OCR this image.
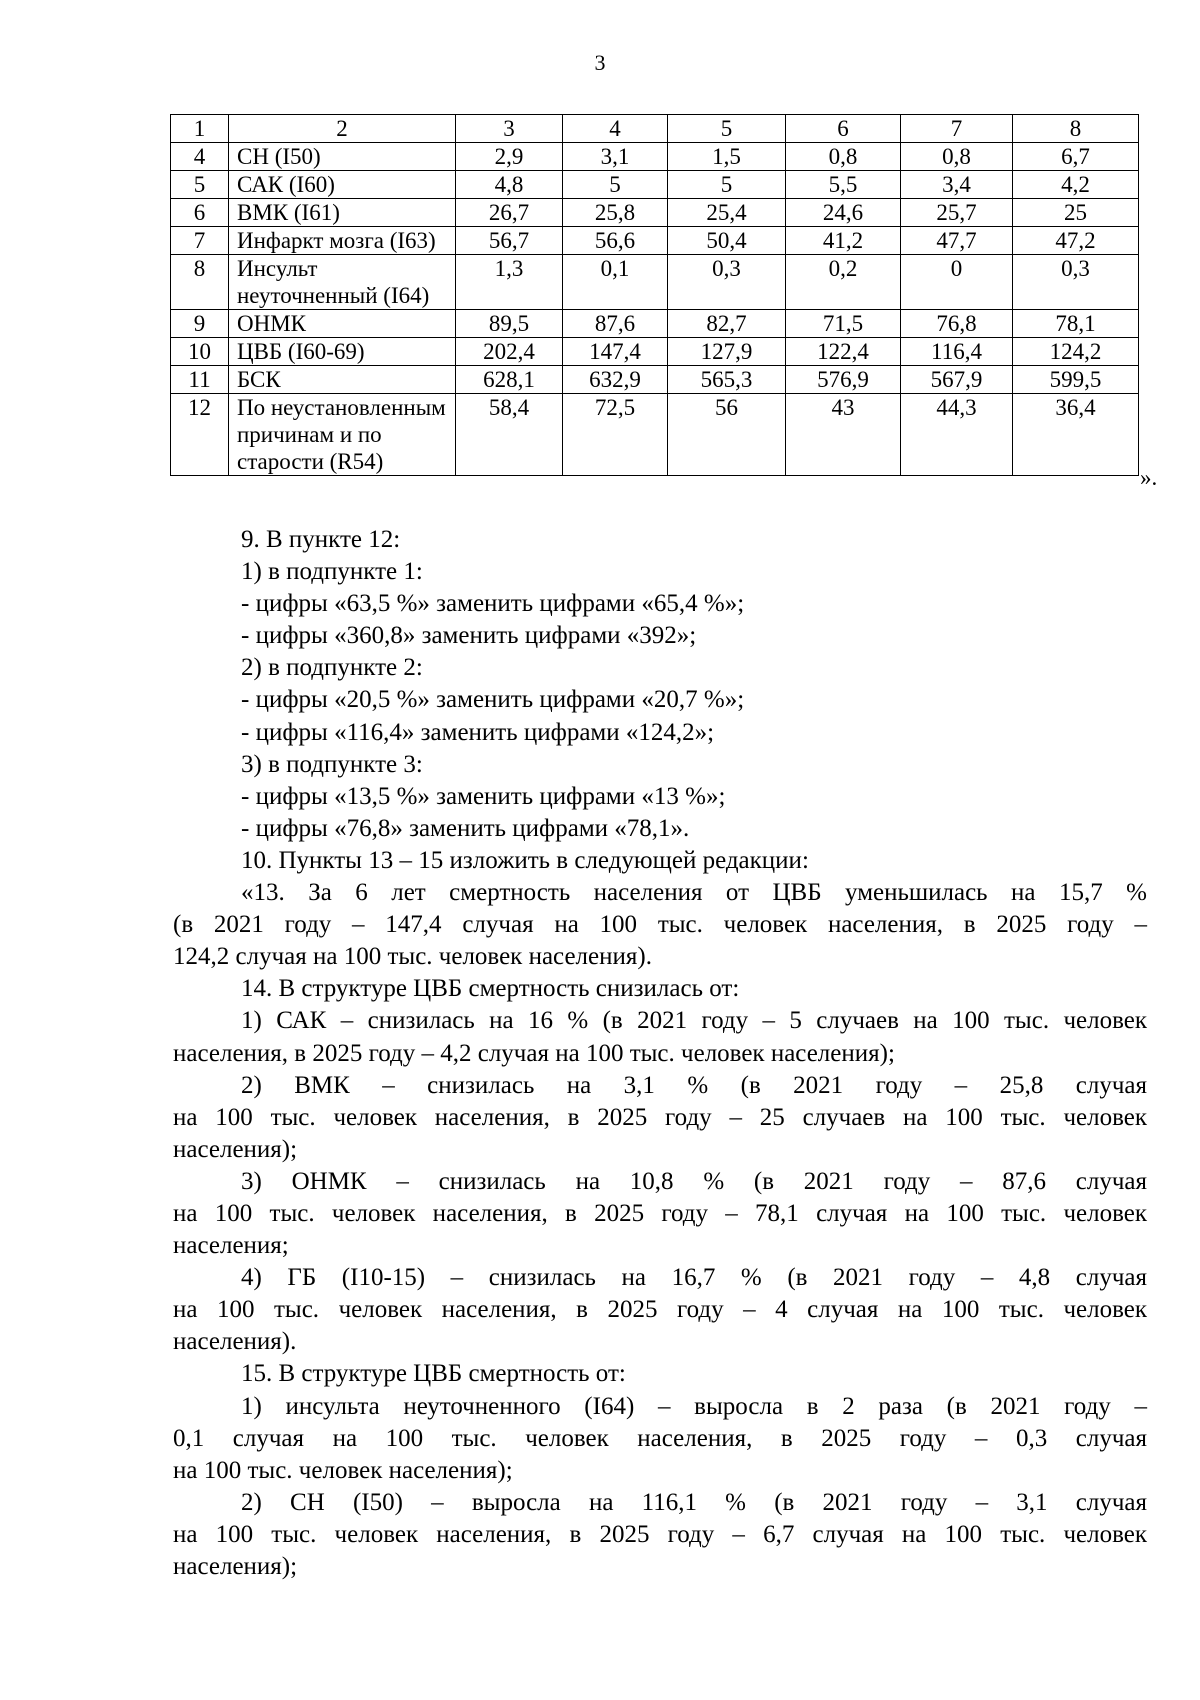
3
1	2	3	4	5	6	7	8
4	СН (I50)	2,9	3,1	1,5	0,8	0,8	6,7
5	САК (I60)	4,8	5	5	5,5	3,4	4,2
6	ВМК (I61)	26,7	25,8	25,4	24,6	25,7	25
7	Инфаркт мозга (I63)	56,7	56,6	50,4	41,2	47,7	47,2
8	Инсульт неуточненный (I64)	1,3	0,1	0,3	0,2	0	0,3
9	ОНМК	89,5	87,6	82,7	71,5	76,8	78,1
10	ЦВБ (I60-69)	202,4	147,4	127,9	122,4	116,4	124,2
11	БСК	628,1	632,9	565,3	576,9	567,9	599,5
12	По неустановленным причинам и по старости (R54)	58,4	72,5	56	43	44,3	36,4
».

9. В пункте 12:

1) в подпункте 1:

- цифры «63,5 %» заменить цифрами «65,4 %»;

- цифры «360,8» заменить цифрами «392»;

2) в подпункте 2:

- цифры «20,5 %» заменить цифрами «20,7 %»;

- цифры «116,4» заменить цифрами «124,2»;

3) в подпункте 3:

- цифры «13,5 %» заменить цифрами «13 %»;

- цифры «76,8» заменить цифрами «78,1».

10. Пункты 13 – 15 изложить в следующей редакции:

«13. За 6 лет смертность населения от ЦВБ уменьшилась на 15,7 %

(в 2021 году – 147,4 случая на 100 тыс. человек населения, в 2025 году –

124,2 случая на 100 тыс. человек населения).

14. В структуре ЦВБ смертность снизилась от:

1) САК – снизилась на 16 % (в 2021 году – 5 случаев на 100 тыс. человек

населения, в 2025 году – 4,2 случая на 100 тыс. человек населения);

2) ВМК – снизилась на 3,1 % (в 2021 году – 25,8 случая

на 100 тыс. человек населения, в 2025 году – 25 случаев на 100 тыс. человек

населения);

3) ОНМК – снизилась на 10,8 % (в 2021 году – 87,6 случая

на 100 тыс. человек населения, в 2025 году – 78,1 случая на 100 тыс. человек

населения;

4) ГБ (I10-15) – снизилась на 16,7 % (в 2021 году – 4,8 случая

на 100 тыс. человек населения, в 2025 году – 4 случая на 100 тыс. человек

населения).

15. В структуре ЦВБ смертность от:

1) инсульта неуточненного (I64) – выросла в 2 раза (в 2021 году –

0,1 случая на 100 тыс. человек населения, в 2025 году – 0,3 случая

на 100 тыс. человек населения);

2) СН (I50) – выросла на 116,1 % (в 2021 году – 3,1 случая

на 100 тыс. человек населения, в 2025 году – 6,7 случая на 100 тыс. человек

населения);
